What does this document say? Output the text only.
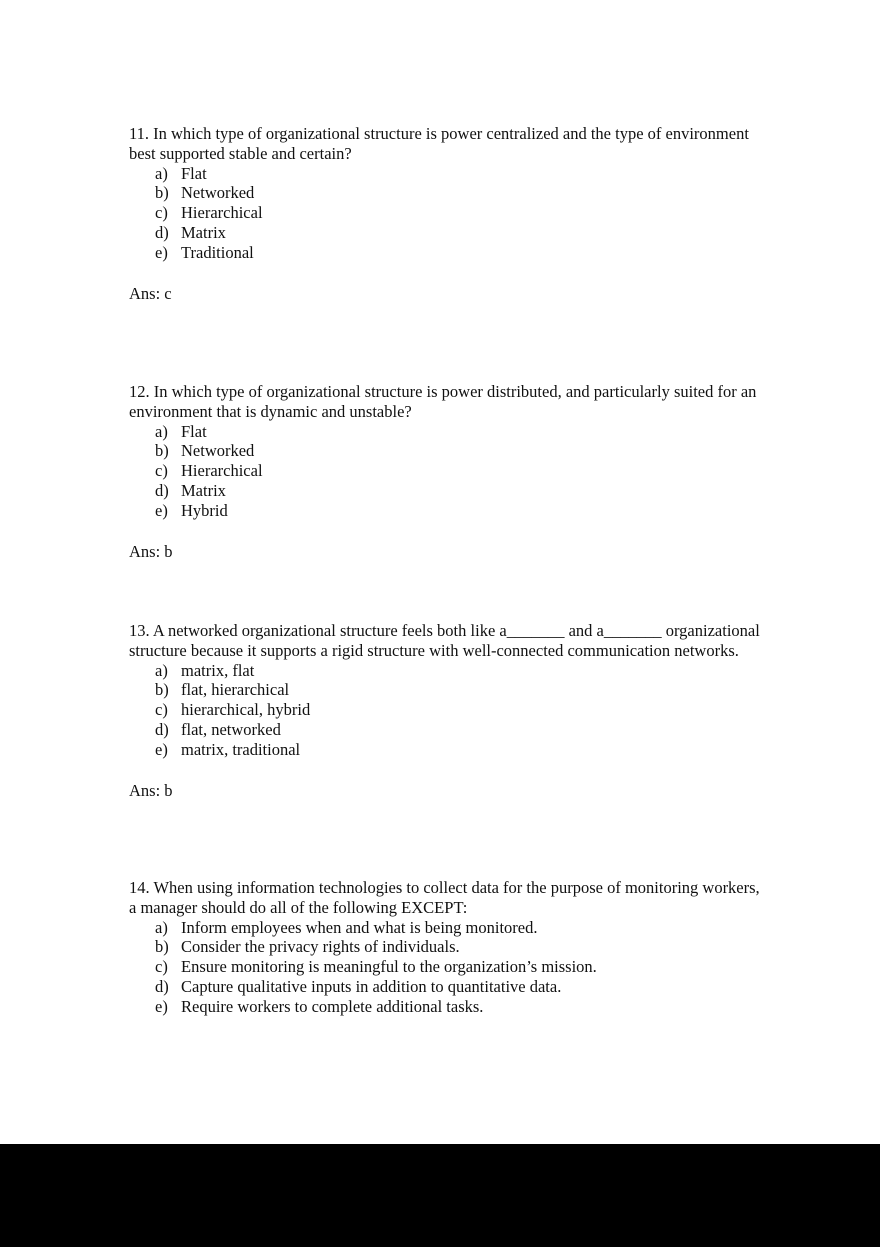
11. In which type of organizational structure is power centralized and the type of environment best supported stable and certain?

a) Flat
b) Networked
c) Hierarchical
d) Matrix
e) Traditional
Ans: c

12. In which type of organizational structure is power distributed, and particularly suited for an environment that is dynamic and unstable?

a) Flat
b) Networked
c) Hierarchical
d) Matrix
e) Hybrid
Ans: b

13. A networked organizational structure feels both like a_______ and a_______ organizational structure because it supports a rigid structure with well-connected communication networks.

a) matrix, flat
b) flat, hierarchical
c) hierarchical, hybrid
d) flat, networked
e) matrix, traditional
Ans: b

14. When using information technologies to collect data for the purpose of monitoring workers, a manager should do all of the following EXCEPT:

a) Inform employees when and what is being monitored.
b) Consider the privacy rights of individuals.
c) Ensure monitoring is meaningful to the organization’s mission.
d) Capture qualitative inputs in addition to quantitative data.
e) Require workers to complete additional tasks.
